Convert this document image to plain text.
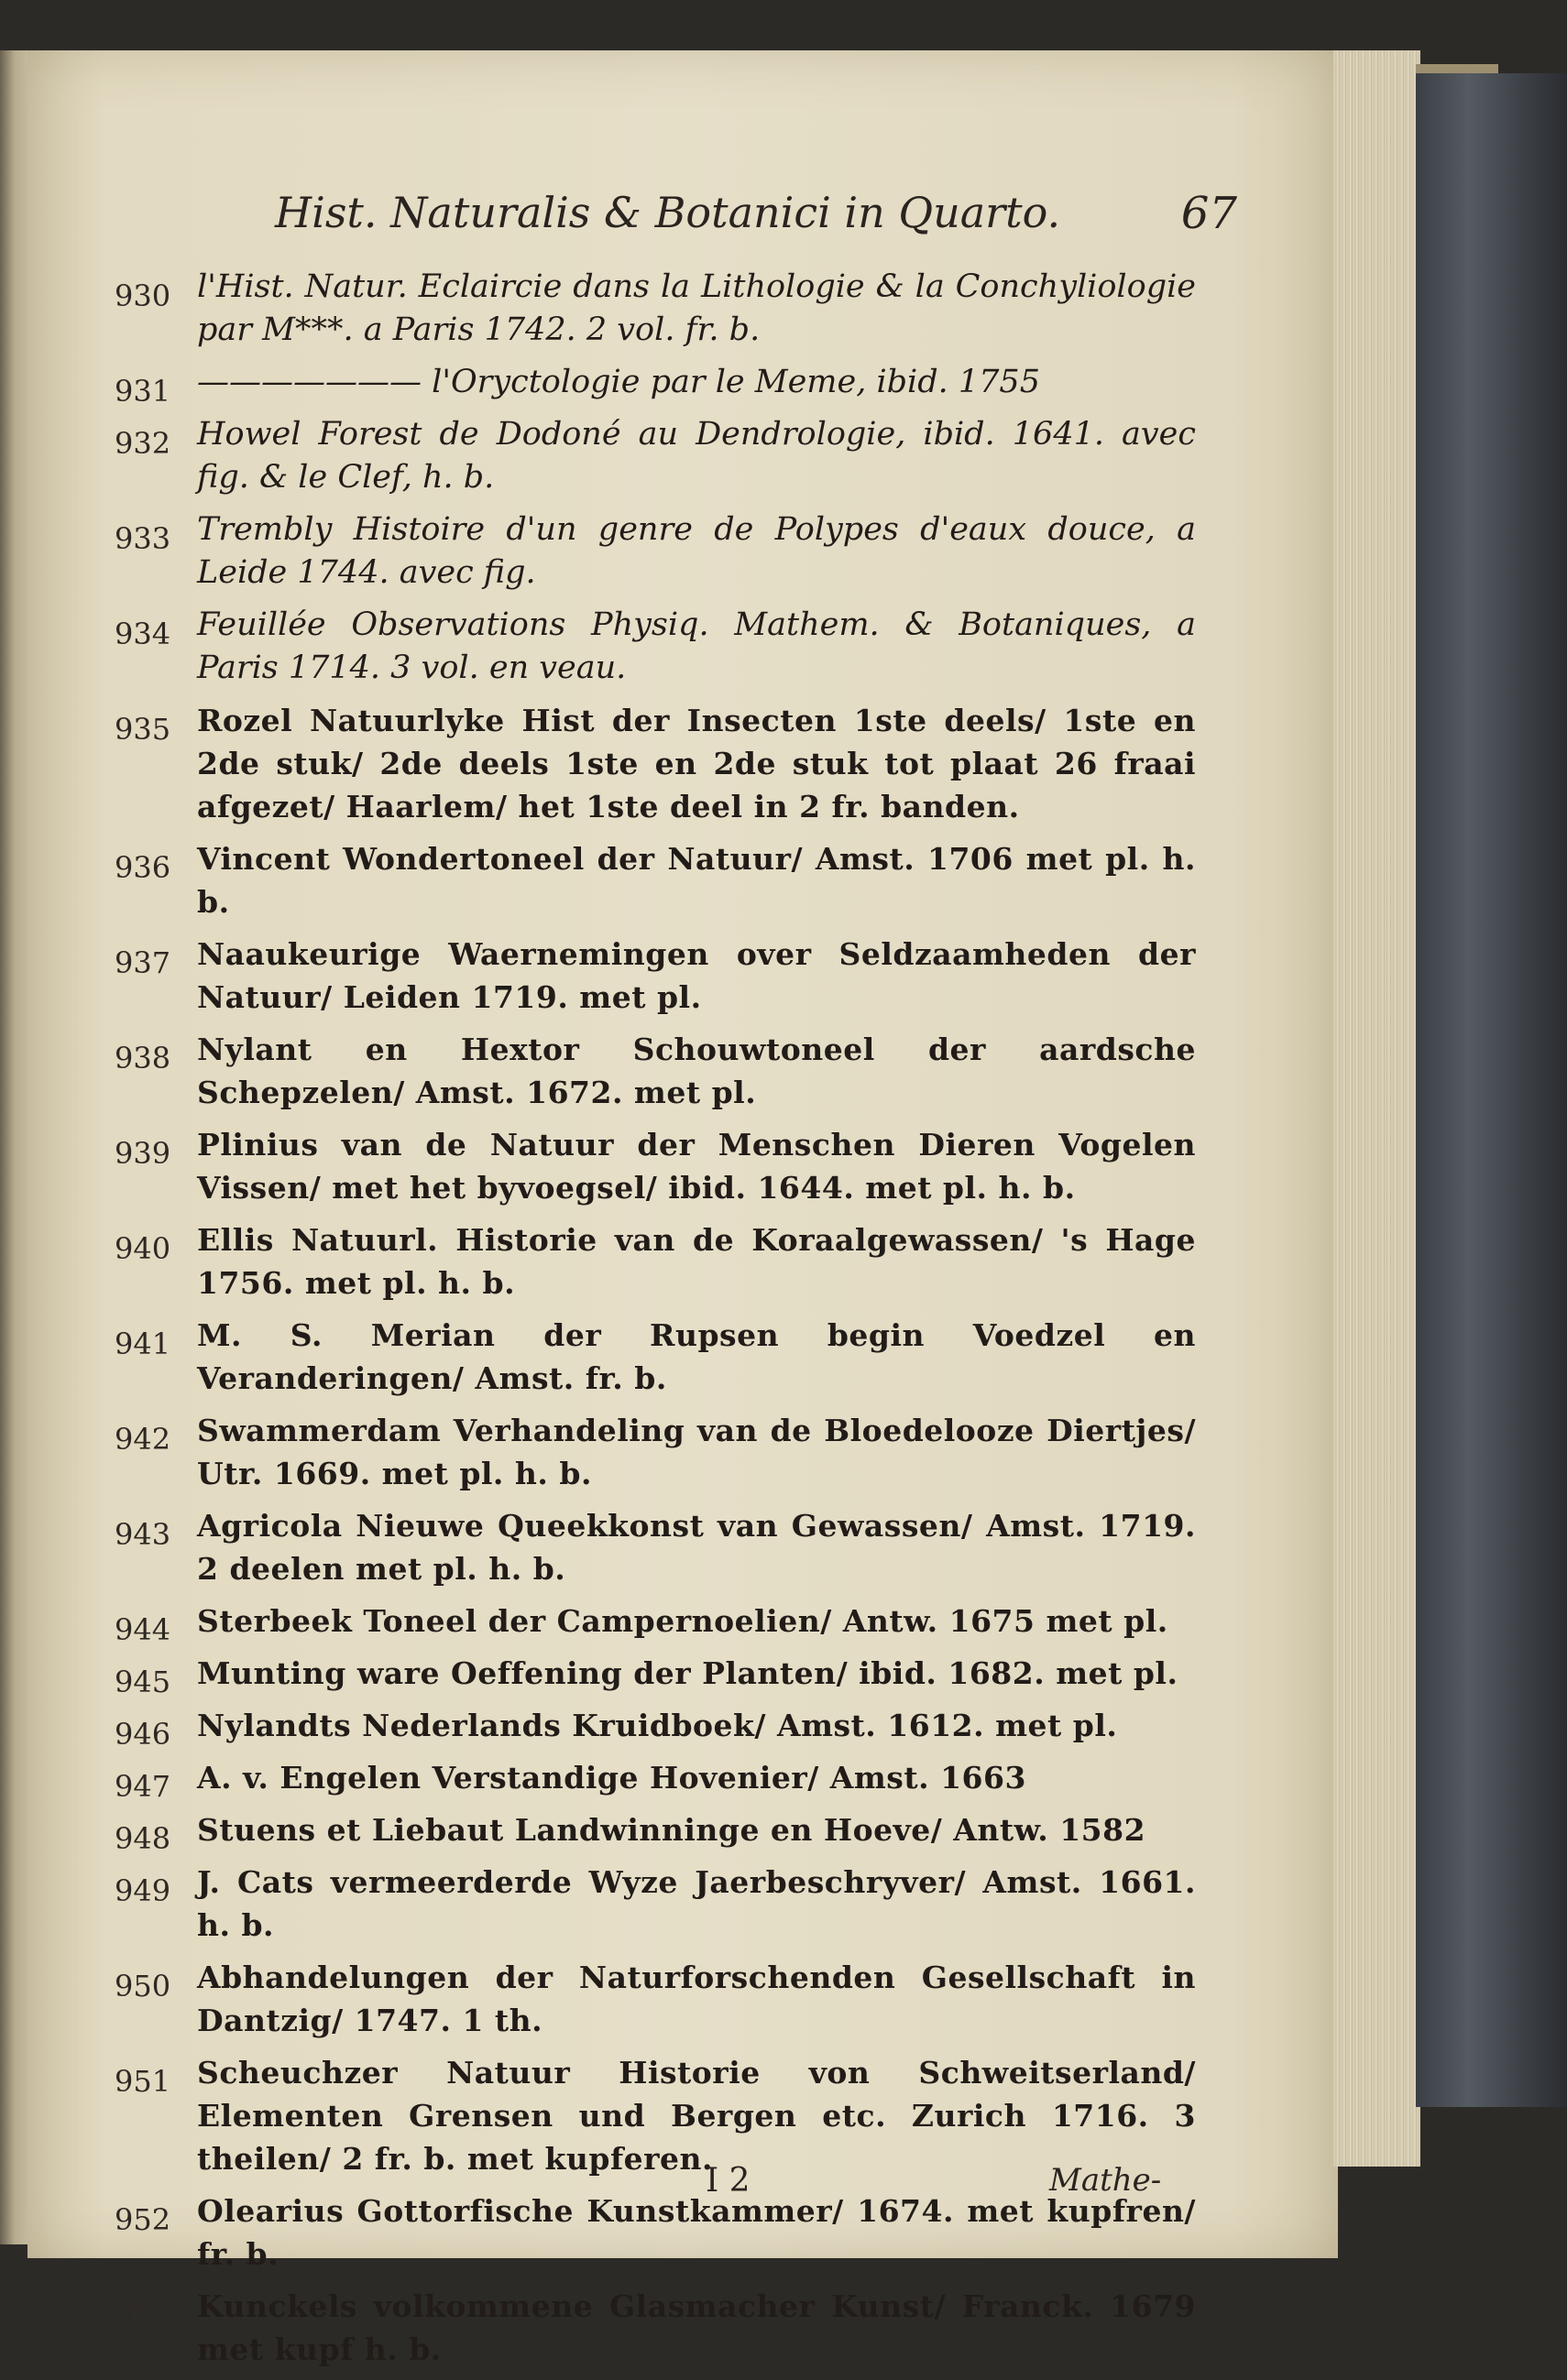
Hist. Naturalis & Botanici in Quarto.	67
930 l'Hist. Natur. Eclaircie dans la Lithologie & la Conchyliologie par M***. a Paris 1742. 2 vol. fr. b.
931 ——————— l'Oryctologie par le Meme, ibid. 1755
932 Howel Forest de Dodoné au Dendrologie, ibid. 1641. avec fig. & le Clef, h. b.
933 Trembly Histoire d'un genre de Polypes d'eaux douce, a Leide 1744. avec fig.
934 Feuillée Observations Physiq. Mathem. & Botaniques, a Paris 1714. 3 vol. en veau.
935 Rozel Natuurlyke Hist der Insecten 1ste deels/ 1ste en 2de stuk/ 2de deels 1ste en 2de stuk tot plaat 26 fraai afgezet/ Haarlem/ het 1ste deel in 2 fr. banden.
936 Vincent Wondertoneel der Natuur/ Amst. 1706 met pl. h. b.
937 Naaukeurige Waernemingen over Seldzaamheden der Natuur/ Leiden 1719. met pl.
938 Nylant en Hextor Schouwtoneel der aardsche Schepzelen/ Amst. 1672. met pl.
939 Plinius van de Natuur der Menschen Dieren Vogelen Vissen/ met het byvoegsel/ ibid. 1644. met pl. h. b.
940 Ellis Natuurl. Historie van de Koraalgewassen/ 's Hage 1756. met pl. h. b.
941 M. S. Merian der Rupsen begin Voedzel en Veranderingen/ Amst. fr. b.
942 Swammerdam Verhandeling van de Bloedelooze Diertjes/ Utr. 1669. met pl. h. b.
943 Agricola Nieuwe Queekkonst van Gewassen/ Amst. 1719. 2 deelen met pl. h. b.
944 Sterbeek Toneel der Campernoelien/ Antw. 1675 met pl.
945 Munting ware Oeffening der Planten/ ibid. 1682. met pl.
946 Nylandts Nederlands Kruidboek/ Amst. 1612. met pl.
947 A. v. Engelen Verstandige Hovenier/ Amst. 1663
948 Stuens et Liebaut Landwinninge en Hoeve/ Antw. 1582
949 J. Cats vermeerderde Wyze Jaerbeschryver/ Amst. 1661. h. b.
950 Abhandelungen der Naturforschenden Gesellschaft in Dantzig/ 1747. 1 th.
951 Scheuchzer Natuur Historie von Schweitserland/ Elementen Grensen und Bergen etc. Zurich 1716. 3 theilen/ 2 fr. b. met kupferen.
952 Olearius Gottorfische Kunstkammer/ 1674. met kupfren/ fr. b.
953 Kunckels volkommene Glasmacher Kunst/ Franck. 1679 met kupf h. b.
I 2	Mathe-
